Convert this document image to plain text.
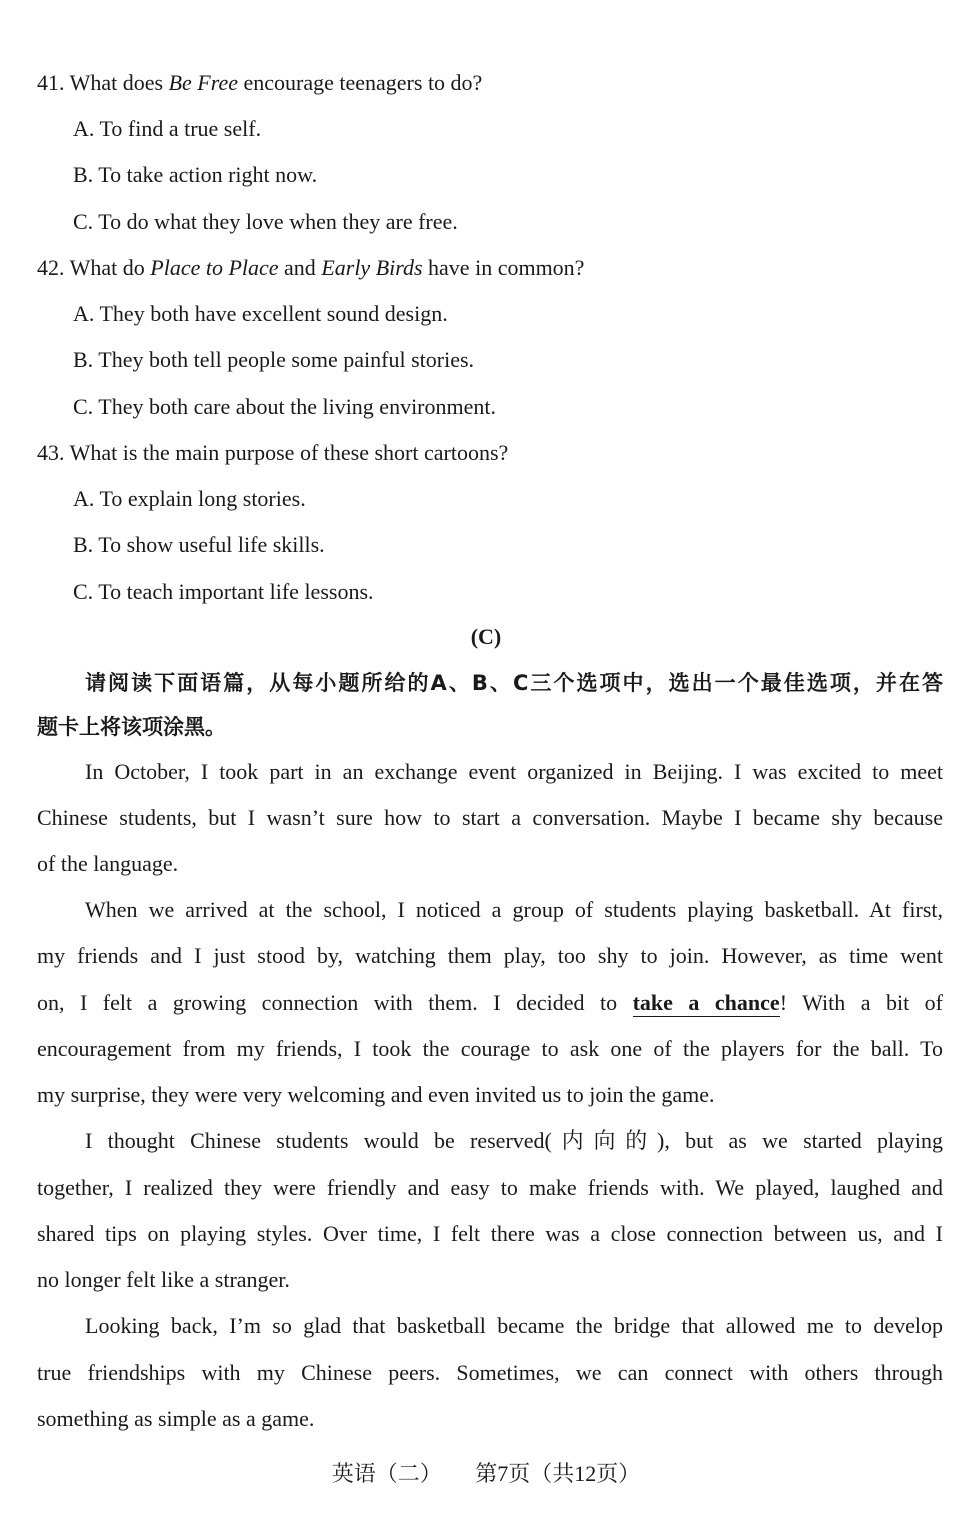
41. What does Be Free encourage teenagers to do?
A. To find a true self.
B. To take action right now.
C. To do what they love when they are free.
42. What do Place to Place and Early Birds have in common?
A. They both have excellent sound design.
B. They both tell people some painful stories.
C. They both care about the living environment.
43. What is the main purpose of these short cartoons?
A. To explain long stories.
B. To show useful life skills.
C. To teach important life lessons.
(C)
请阅读下面语篇，从每小题所给的A、B、C三个选项中，选出一个最佳选项，并在答
题卡上将该项涂黑。
In October, I took part in an exchange event organized in Beijing. I was excited to meet
Chinese students, but I wasn’t sure how to start a conversation. Maybe I became shy because
of the language.
When we arrived at the school, I noticed a group of students playing basketball. At first,
my friends and I just stood by, watching them play, too shy to join. However, as time went
on, I felt a growing connection with them. I decided to take a chance! With a bit of
encouragement from my friends, I took the courage to ask one of the players for the ball. To
my surprise, they were very welcoming and even invited us to join the game.
I thought Chinese students would be reserved(内向的), but as we started playing
together, I realized they were friendly and easy to make friends with. We played, laughed and
shared tips on playing styles. Over time, I felt there was a close connection between us, and I
no longer felt like a stranger.
Looking back, I’m so glad that basketball became the bridge that allowed me to develop
true friendships with my Chinese peers. Sometimes, we can connect with others through
something as simple as a game.
英语（二） 第7页（共12页）
